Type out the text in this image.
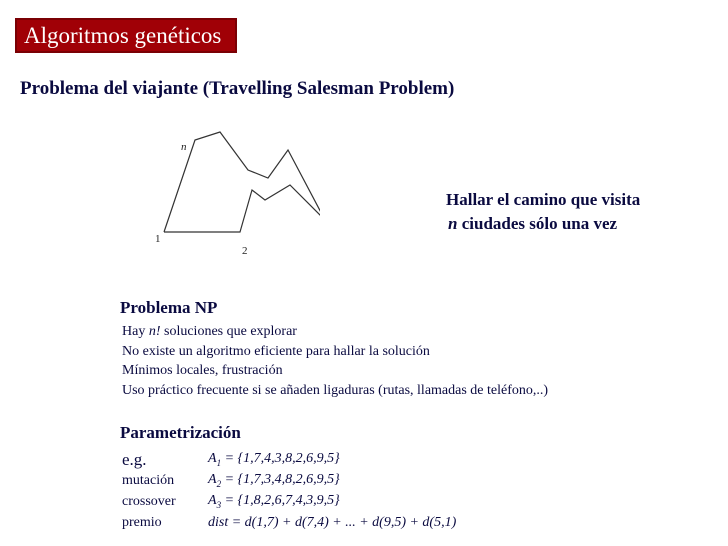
Algoritmos genéticos
Problema del viajante (Travelling Salesman Problem)
n
1
2
Hallar el camino que visita
n ciudades sólo una vez
Problema NP
Hay n! soluciones que explorar
No existe un algoritmo eficiente para hallar la solución
Mínimos locales, frustración
Uso práctico frecuente si se añaden ligaduras (rutas, llamadas de teléfono,..)
Parametrización
e.g.	$A_1 = \{1,7,4,3,8,2,6,9,5\}$
mutación	$A_2 = \{1,7,3,4,8,2,6,9,5\}$
crossover	$A_3 = \{1,8,2,6,7,4,3,9,5\}$
premio	dist = d(1,7) + d(7,4) + ... + d(9,5) + d(5,1)
